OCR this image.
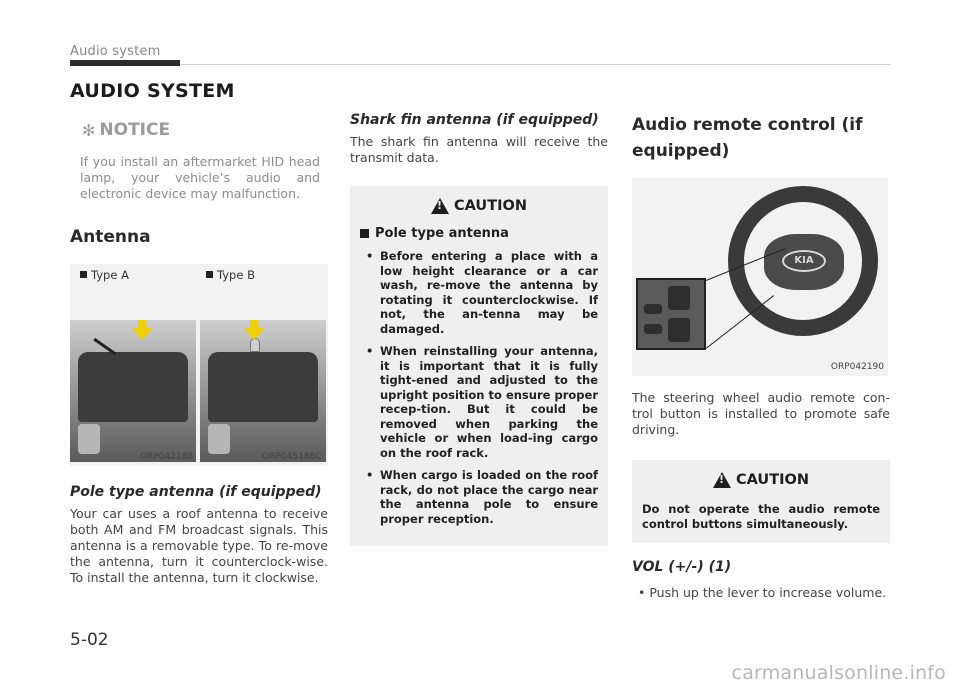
Audio system
AUDIO SYSTEM
✻ NOTICE

If you install an aftermarket HID head lamp, your vehicle’s audio and electronic device may malfunction.

Antenna
Type A	Type B
ORP042188	ORP045188C
Pole type antenna (if equipped)

Your car uses a roof antenna to receive both AM and FM broadcast signals. This antenna is a removable type. To re-move the antenna, turn it counterclock-wise. To install the antenna, turn it clockwise.

Shark fin antenna (if equipped)

The shark fin antenna will receive the transmit data.

!
CAUTION
Pole type antenna
• Before entering a place with a low height clearance or a car wash, re-move the antenna by rotating it counterclockwise. If not, the an-tenna may be damaged.
• When reinstalling your antenna, it is important that it is fully tight-ened and adjusted to the upright position to ensure proper recep-tion. But it could be removed when parking the vehicle or when load-ing cargo on the roof rack.
• When cargo is loaded on the roof rack, do not place the cargo near the antenna pole to ensure proper reception.
Audio remote control (if equipped)
KIA
ORP042190

The steering wheel audio remote con-trol button is installed to promote safe driving.

!
CAUTION

Do not operate the audio remote control buttons simultaneously.

VOL (+/-) (1)

• Push up the lever to increase volume.

5-02
carmanualsonline.info
